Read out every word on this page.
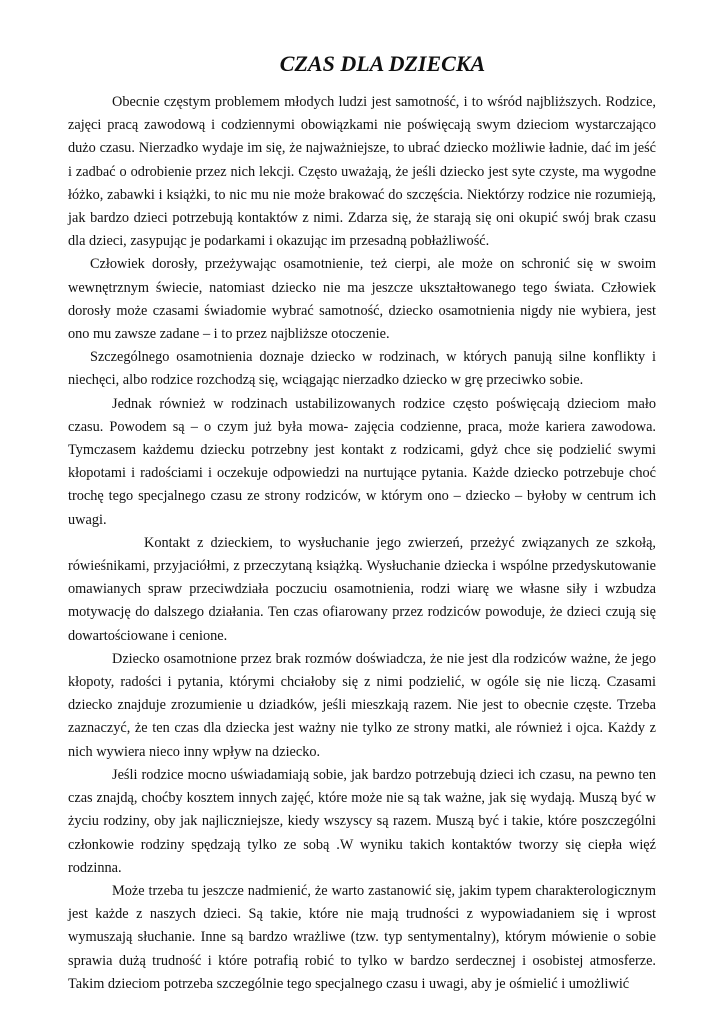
CZAS DLA DZIECKA

Obecnie częstym problemem młodych ludzi jest samotność, i to wśród najbliższych. Rodzice, zajęci pracą zawodową i codziennymi obowiązkami nie poświęcają swym dzieciom wystarczająco dużo czasu. Nierzadko wydaje im się, że najważniejsze, to ubrać dziecko możliwie ładnie, dać im jeść i zadbać o odrobienie przez nich lekcji. Często uważają, że jeśli dziecko jest syte czyste, ma wygodne łóżko, zabawki i książki, to nic mu nie może brakować do szczęścia. Niektórzy rodzice nie rozumieją, jak bardzo dzieci potrzebują kontaktów z nimi. Zdarza się, że starają się oni okupić swój brak czasu dla dzieci, zasypując je podarkami i okazując im przesadną pobłażliwość.

Człowiek dorosły, przeżywając osamotnienie, też cierpi, ale może on schronić się w swoim wewnętrznym świecie, natomiast dziecko nie ma jeszcze ukształtowanego tego świata. Człowiek dorosły może czasami świadomie wybrać samotność, dziecko osamotnienia nigdy nie wybiera, jest ono mu zawsze zadane – i to przez najbliższe otoczenie.

Szczególnego osamotnienia doznaje dziecko w rodzinach, w których panują silne konflikty i niechęci, albo rodzice rozchodzą się, wciągając nierzadko dziecko w grę przeciwko sobie.

Jednak również w rodzinach ustabilizowanych rodzice często poświęcają dzieciom mało czasu. Powodem są – o czym już była mowa- zajęcia codzienne, praca, może kariera zawodowa. Tymczasem każdemu dziecku potrzebny jest kontakt z rodzicami, gdyż chce się podzielić swymi kłopotami i radościami i oczekuje odpowiedzi na nurtujące pytania. Każde dziecko potrzebuje choć trochę tego specjalnego czasu ze strony rodziców, w którym ono – dziecko – byłoby w centrum ich uwagi.

Kontakt z dzieckiem, to wysłuchanie jego zwierzeń, przeżyć związanych ze szkołą, rówieśnikami, przyjaciółmi, z przeczytaną książką. Wysłuchanie dziecka i wspólne przedyskutowanie omawianych spraw przeciwdziała poczuciu osamotnienia, rodzi wiarę we własne siły i wzbudza motywację do dalszego działania. Ten czas ofiarowany przez rodziców powoduje, że dzieci czują się dowartościowane i cenione.

Dziecko osamotnione przez brak rozmów doświadcza, że nie jest dla rodziców ważne, że jego kłopoty, radości i pytania, którymi chciałoby się z nimi podzielić, w ogóle się nie liczą. Czasami dziecko znajduje zrozumienie u dziadków, jeśli mieszkają razem. Nie jest to obecnie częste. Trzeba zaznaczyć, że ten czas dla dziecka jest ważny nie tylko ze strony matki, ale również i ojca. Każdy z nich wywiera nieco inny wpływ na dziecko.

Jeśli rodzice mocno uświadamiają sobie, jak bardzo potrzebują dzieci ich czasu, na pewno ten czas znajdą, choćby kosztem innych zajęć, które może nie są tak ważne, jak się wydają. Muszą być w życiu rodziny, oby jak najliczniejsze, kiedy wszyscy są razem. Muszą być i takie, które poszczególni członkowie rodziny spędzają tylko ze sobą .W wyniku takich kontaktów tworzy się ciepła więź rodzinna.

Może trzeba tu jeszcze nadmienić, że warto zastanowić się, jakim typem charakterologicznym jest każde z naszych dzieci. Są takie, które nie mają trudności z wypowiadaniem się i wprost wymuszają słuchanie. Inne są bardzo wrażliwe (tzw. typ sentymentalny), którym mówienie o sobie sprawia dużą trudność i które potrafią robić to tylko w bardzo serdecznej i osobistej atmosferze. Takim dzieciom potrzeba szczególnie tego specjalnego czasu i uwagi, aby je ośmielić i umożliwić
